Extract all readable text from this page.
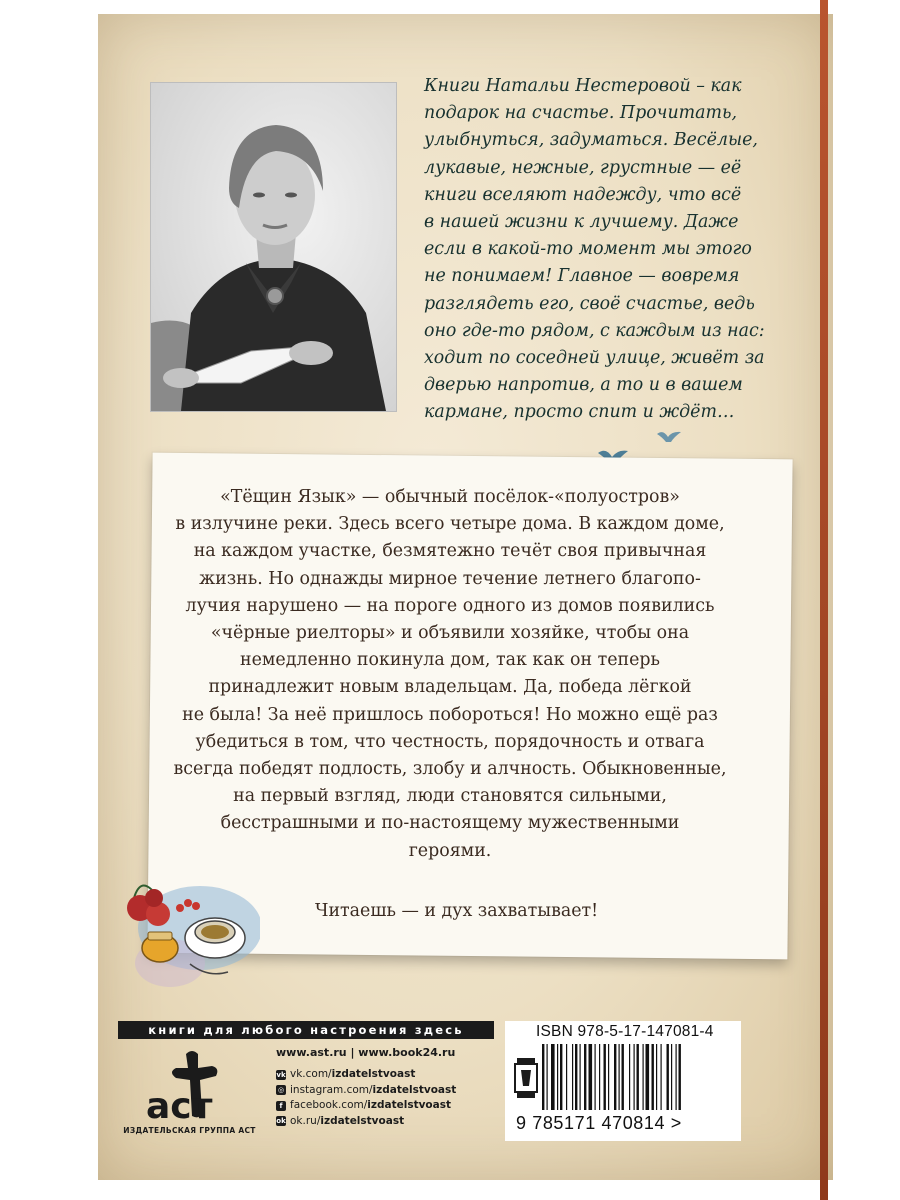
Книги Натальи Нестеровой – как
подарок на счастье. Прочитать,
улыбнуться, задуматься. Весёлые,
лукавые, нежные, грустные — её
книги вселяют надежду, что всё
в нашей жизни к лучшему. Даже
если в какой-то момент мы этого
не понимаем! Главное — вовремя
разглядеть его, своё счастье, ведь
оно где-то рядом, с каждым из нас:
ходит по соседней улице, живёт за
дверью напротив, а то и в вашем
кармане, просто спит и ждёт…

«Тёщин Язык» — обычный посёлок-«полуостров»

в излучине реки. Здесь всего четыре дома. В каждом доме,

на каждом участке, безмятежно течёт своя привычная

жизнь. Но однажды мирное течение летнего благопо-

лучия нарушено — на пороге одного из домов появились

«чёрные риелторы» и объявили хозяйке, чтобы она

немедленно покинула дом, так как он теперь

принадлежит новым владельцам. Да, победа лёгкой

не была! За неё пришлось побороться! Но можно ещё раз

убедиться в том, что честность, порядочность и отвага

всегда победят подлость, злобу и алчность. Обыкновенные,

на первый взгляд, люди становятся сильными,

бесстрашными и по-настоящему мужественными

героями.

Читаешь — и дух захватывает!
книги для любого настроения здесь
аст
ИЗДАТЕЛЬСКАЯ ГРУППА АСТ
www.ast.ru | www.book24.ru
vk vk.com/ izdatelstvoast
◎ instagram.com/ izdatelstvoast
f facebook.com/ izdatelstvoast
ok ok.ru/ izdatelstvoast
ISBN 978-5-17-147081-4
9 785171 470814 >
